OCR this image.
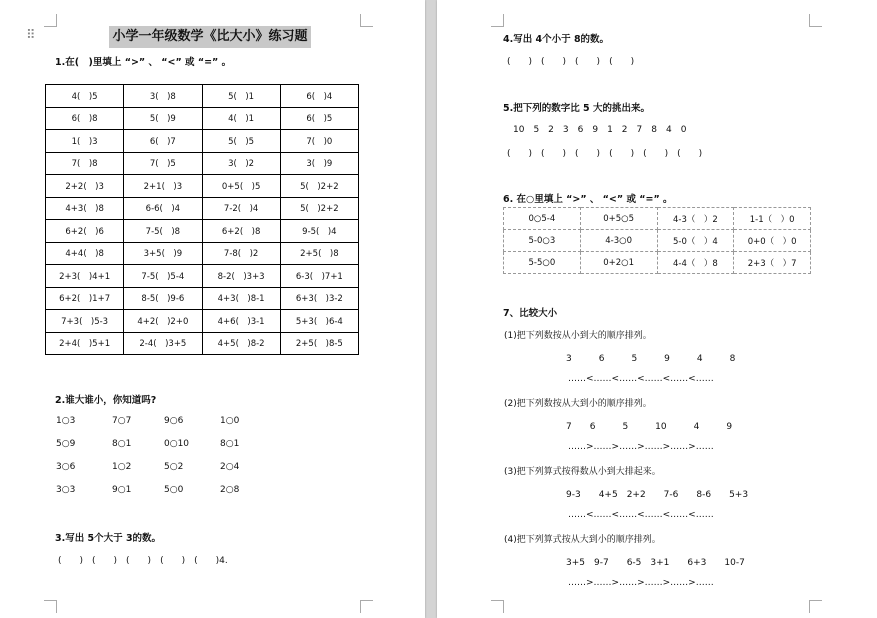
⠿	小学一年级数学《比大小》练习题
1.在(　)里填上 “>” 、 “<” 或 “=” 。
4(　)5	3(　)8	5(　)1	6(　)4
6(　)8	5(　)9	4(　)1	6(　)5
1(　)3	6(　)7	5(　)5	7(　)0
7(　)8	7(　)5	3(　)2	3(　)9
2+2(　)3	2+1(　)3	0+5(　)5	5(　)2+2
4+3(　)8	6-6(　)4	7-2(　)4	5(　)2+2
6+2(　)6	7-5(　)8	6+2(　)8	9-5(　)4
4+4(　)8	3+5(　)9	7-8(　)2	2+5(　)8
2+3(　)4+1	7-5(　)5-4	8-2(　)3+3	6-3(　)7+1
6+2(　)1+7	8-5(　)9-6	4+3(　)8-1	6+3(　)3-2
7+3(　)5-3	4+2(　)2+0	4+6(　)3-1	5+3(　)6-4
2+4(　)5+1	2-4(　)3+5	4+5(　)8-2	2+5(　)8-5
2.谁大谁小，你知道吗?
1○3	7○7	9○6	1○0
5○9	8○1	0○10	8○1
3○6	1○2	5○2	2○4
3○3	9○1	5○0	2○8
3.写出 5个大于 3的数。
(　　)　(　　)　(　　)　(　　)　(　　)4.
4.写出 4个小于 8的数。
(　　)　(　　)　(　　)　(　　)
5.把下列的数字比 5 大的挑出来。
10　5　2　3　6　9　1　2　7　8　4　0
(　　)　(　　)　(　　)　(　　)　(　　)　(　　)
6. 在○里填上 “>” 、 “<” 或 “=” 。
0○5-4	0+5○5	4-3（　）2	1-1（　）0
5-0○3	4-3○0	5-0（　）4	0+0（　）0
5-5○0	0+2○1	4-4（　）8	2+3（　）7
7、比较大小
(1)把下列数按从小到大的顺序排列。
3　　　6　　　5　　　9　　　4　　　8
……<……<……<……<……<……
(2)把下列数按从大到小的顺序排列。
7　　6　　　5　　　10　　　4　　　9
……>……>……>……>……>……
(3)把下列算式按得数从小到大排起来。
9-3　　4+5　2+2　　7-6　　8-6　　5+3
……<……<……<……<……<……
(4)把下列算式按从大到小的顺序排列。
3+5　9-7　　6-5　3+1　　6+3　　10-7
……>……>……>……>……>……
